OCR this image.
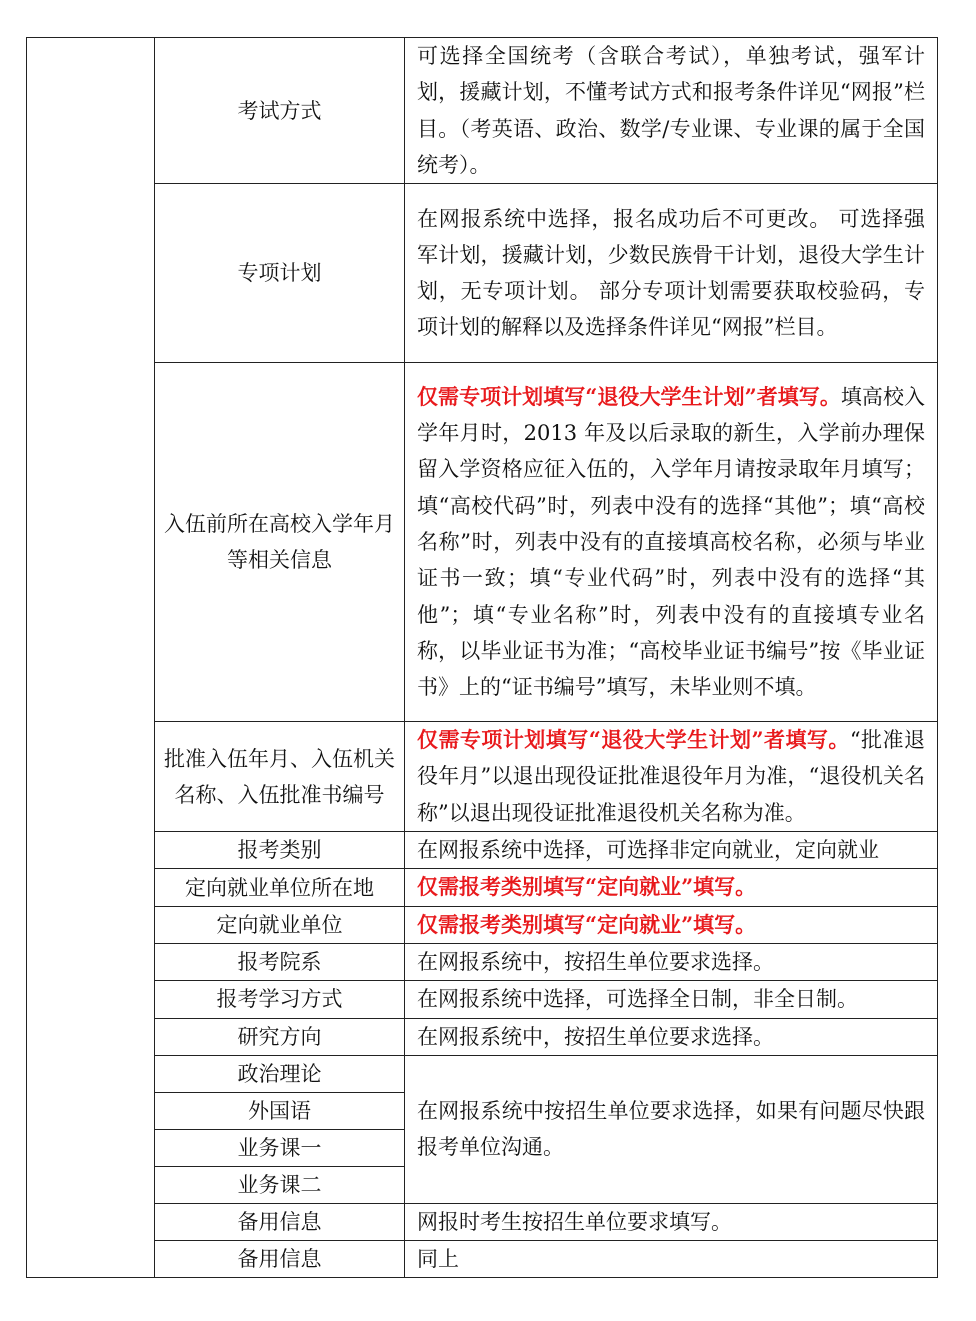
	考试方式	可选择全国统考（含联合考试），单独考试，强军计划，援藏计划，不懂考试方式和报考条件详见“网报”栏目。（考英语、政治、数学/专业课、专业课的属于全国统考）。
	专项计划	在网报系统中选择，报名成功后不可更改。 可选择强军计划，援藏计划，少数民族骨干计划，退役大学生计划，无专项计划。 部分专项计划需要获取校验码，专项计划的解释以及选择条件详见“网报”栏目。
	入伍前所在高校入学年月等相关信息	仅需专项计划填写“退役大学生计划”者填写。填高校入学年月时，2013 年及以后录取的新生，入学前办理保留入学资格应征入伍的，入学年月请按录取年月填写；填“高校代码”时，列表中没有的选择“其他”；填“高校名称”时，列表中没有的直接填高校名称，必须与毕业证书一致；填“专业代码”时，列表中没有的选择“其 他”；填“专业名称”时，列表中没有的直接填专业名称，以毕业证书为准；“高校毕业证书编号”按《毕业证书》上的“证书编号”填写，未毕业则不填。
	批准入伍年月、入伍机关名称、入伍批准书编号	仅需专项计划填写“退役大学生计划”者填写。“批准退役年月”以退出现役证批准退役年月为准，“退役机关名称”以退出现役证批准退役机关名称为准。
	报考类别	在网报系统中选择，可选择非定向就业，定向就业
	定向就业单位所在地	仅需报考类别填写“定向就业”填写。
	定向就业单位	仅需报考类别填写“定向就业”填写。
	报考院系	在网报系统中，按招生单位要求选择。
	报考学习方式	在网报系统中选择，可选择全日制，非全日制。
	研究方向	在网报系统中，按招生单位要求选择。
	政治理论	在网报系统中按招生单位要求选择，如果有问题尽快跟报考单位沟通。
	外国语	
	业务课一	
	业务课二	
	备用信息	网报时考生按招生单位要求填写。
	备用信息	同上
